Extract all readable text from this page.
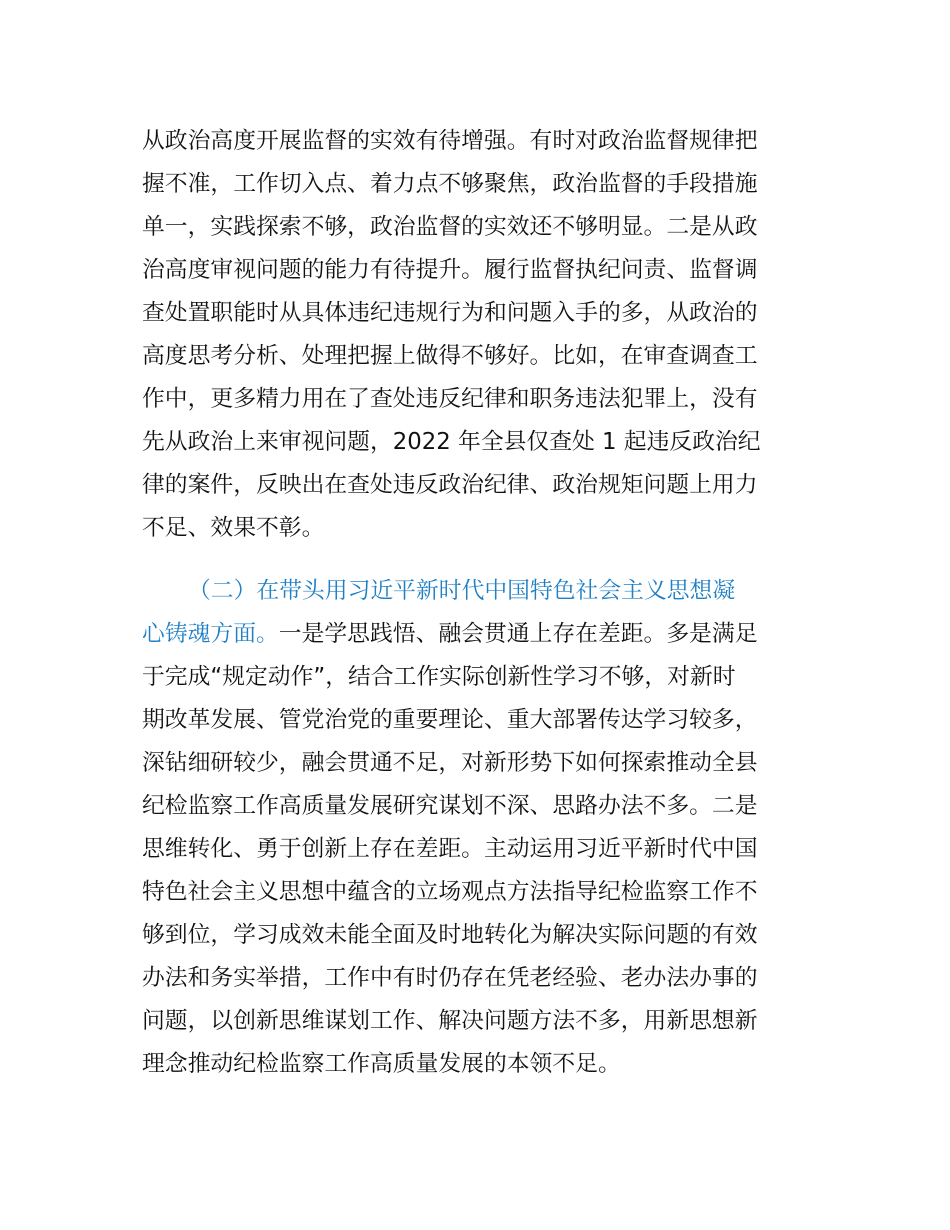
从政治高度开展监督的实效有待增强。有时对政治监督规律把
握不准，工作切入点、着力点不够聚焦，政治监督的手段措施
单一，实践探索不够，政治监督的实效还不够明显。二是从政
治高度审视问题的能力有待提升。履行监督执纪问责、监督调
查处置职能时从具体违纪违规行为和问题入手的多，从政治的
高度思考分析、处理把握上做得不够好。比如，在审查调查工
作中，更多精力用在了查处违反纪律和职务违法犯罪上，没有
先从政治上来审视问题，2022 年全县仅查处 1 起违反政治纪
律的案件，反映出在查处违反政治纪律、政治规矩问题上用力
不足、效果不彰。
（二）在带头用习近平新时代中国特色社会主义思想凝
心铸魂方面。一是学思践悟、融会贯通上存在差距。多是满足
于完成“规定动作”，结合工作实际创新性学习不够，对新时
期改革发展、管党治党的重要理论、重大部署传达学习较多，
深钻细研较少，融会贯通不足，对新形势下如何探索推动全县
纪检监察工作高质量发展研究谋划不深、思路办法不多。二是
思维转化、勇于创新上存在差距。主动运用习近平新时代中国
特色社会主义思想中蕴含的立场观点方法指导纪检监察工作不
够到位，学习成效未能全面及时地转化为解决实际问题的有效
办法和务实举措，工作中有时仍存在凭老经验、老办法办事的
问题，以创新思维谋划工作、解决问题方法不多，用新思想新
理念推动纪检监察工作高质量发展的本领不足。
